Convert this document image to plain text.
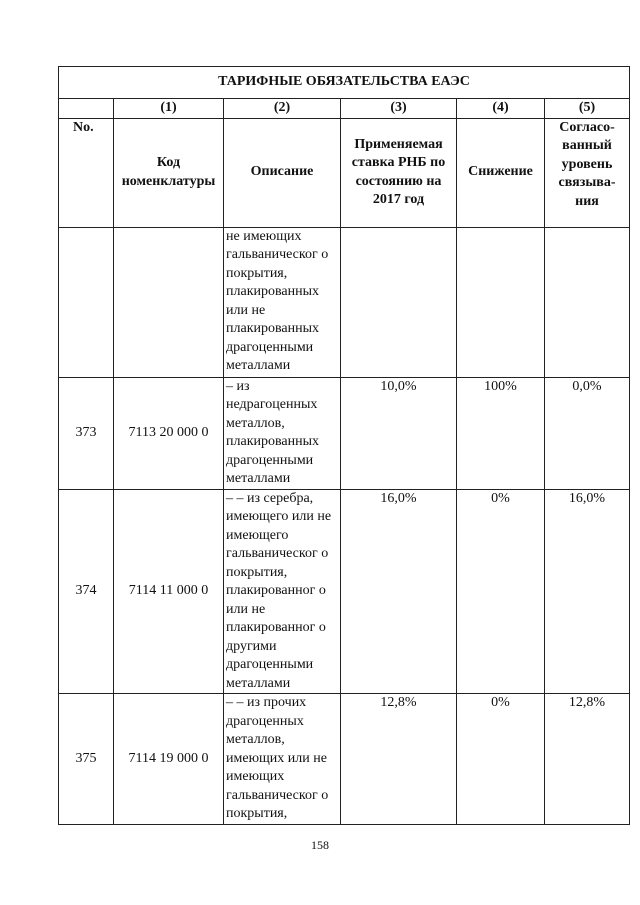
ТАРИФНЫЕ ОБЯЗАТЕЛЬСТВА ЕАЭС					
	(1)	(2)	(3)	(4)	(5)
No.	Код номенклатуры	Описание	Применяемая ставка РНБ по состоянию на 2017 год	Снижение	Согласо-ванный уровень связыва-ния
		не имеющих гальваническог о покрытия, плакированных или не плакированных драгоценными металлами			
373	7113 20 000 0	– из недрагоценных металлов, плакированных драгоценными металлами	10,0%	100%	0,0%
374	7114 11 000 0	– – из серебра, имеющего или не имеющего гальваническог о покрытия, плакированног о или не плакированног о другими драгоценными металлами	16,0%	0%	16,0%
375	7114 19 000 0	– – из прочих драгоценных металлов, имеющих или не имеющих гальваническог о покрытия,	12,8%	0%	12,8%
158
